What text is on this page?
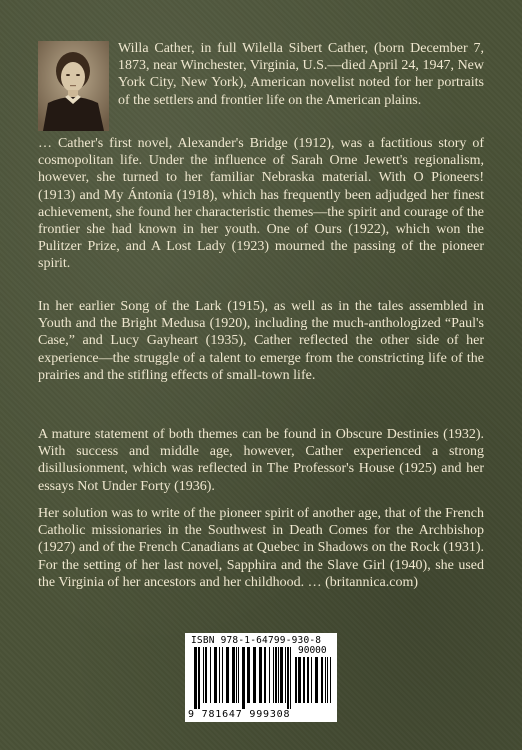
Willa Cather, in full Wilella Sibert Cather, (born December 7, 1873, near Winchester, Virginia, U.S.—died April 24, 1947, New York City, New York), American novelist noted for her portraits of the settlers and frontier life on the American plains.
… Cather's first novel, Alexander's Bridge (1912), was a factitious story of cosmopolitan life. Under the influence of Sarah Orne Jewett's regionalism, however, she turned to her familiar Nebraska material. With O Pioneers! (1913) and My Ántonia (1918), which has frequently been adjudged her finest achievement, she found her characteristic themes—the spirit and courage of the frontier she had known in her youth. One of Ours (1922), which won the Pulitzer Prize, and A Lost Lady (1923) mourned the passing of the pioneer spirit.
In her earlier Song of the Lark (1915), as well as in the tales assembled in Youth and the Bright Medusa (1920), including the much-anthologized “Paul's Case,” and Lucy Gayheart (1935), Cather reflected the other side of her experience—the struggle of a talent to emerge from the constricting life of the prairies and the stifling effects of small-town life.
A mature statement of both themes can be found in Obscure Destinies (1932). With success and middle age, however, Cather experienced a strong disillusionment, which was reflected in The Professor's House (1925) and her essays Not Under Forty (1936).
Her solution was to write of the pioneer spirit of another age, that of the French Catholic missionaries in the Southwest in Death Comes for the Archbishop (1927) and of the French Canadians at Quebec in Shadows on the Rock (1931). For the setting of her last novel, Sapphira and the Slave Girl (1940), she used the Virginia of her ancestors and her childhood. … (britannica.com)
ISBN 978-1-64799-930-8
90000
9 781647 999308
